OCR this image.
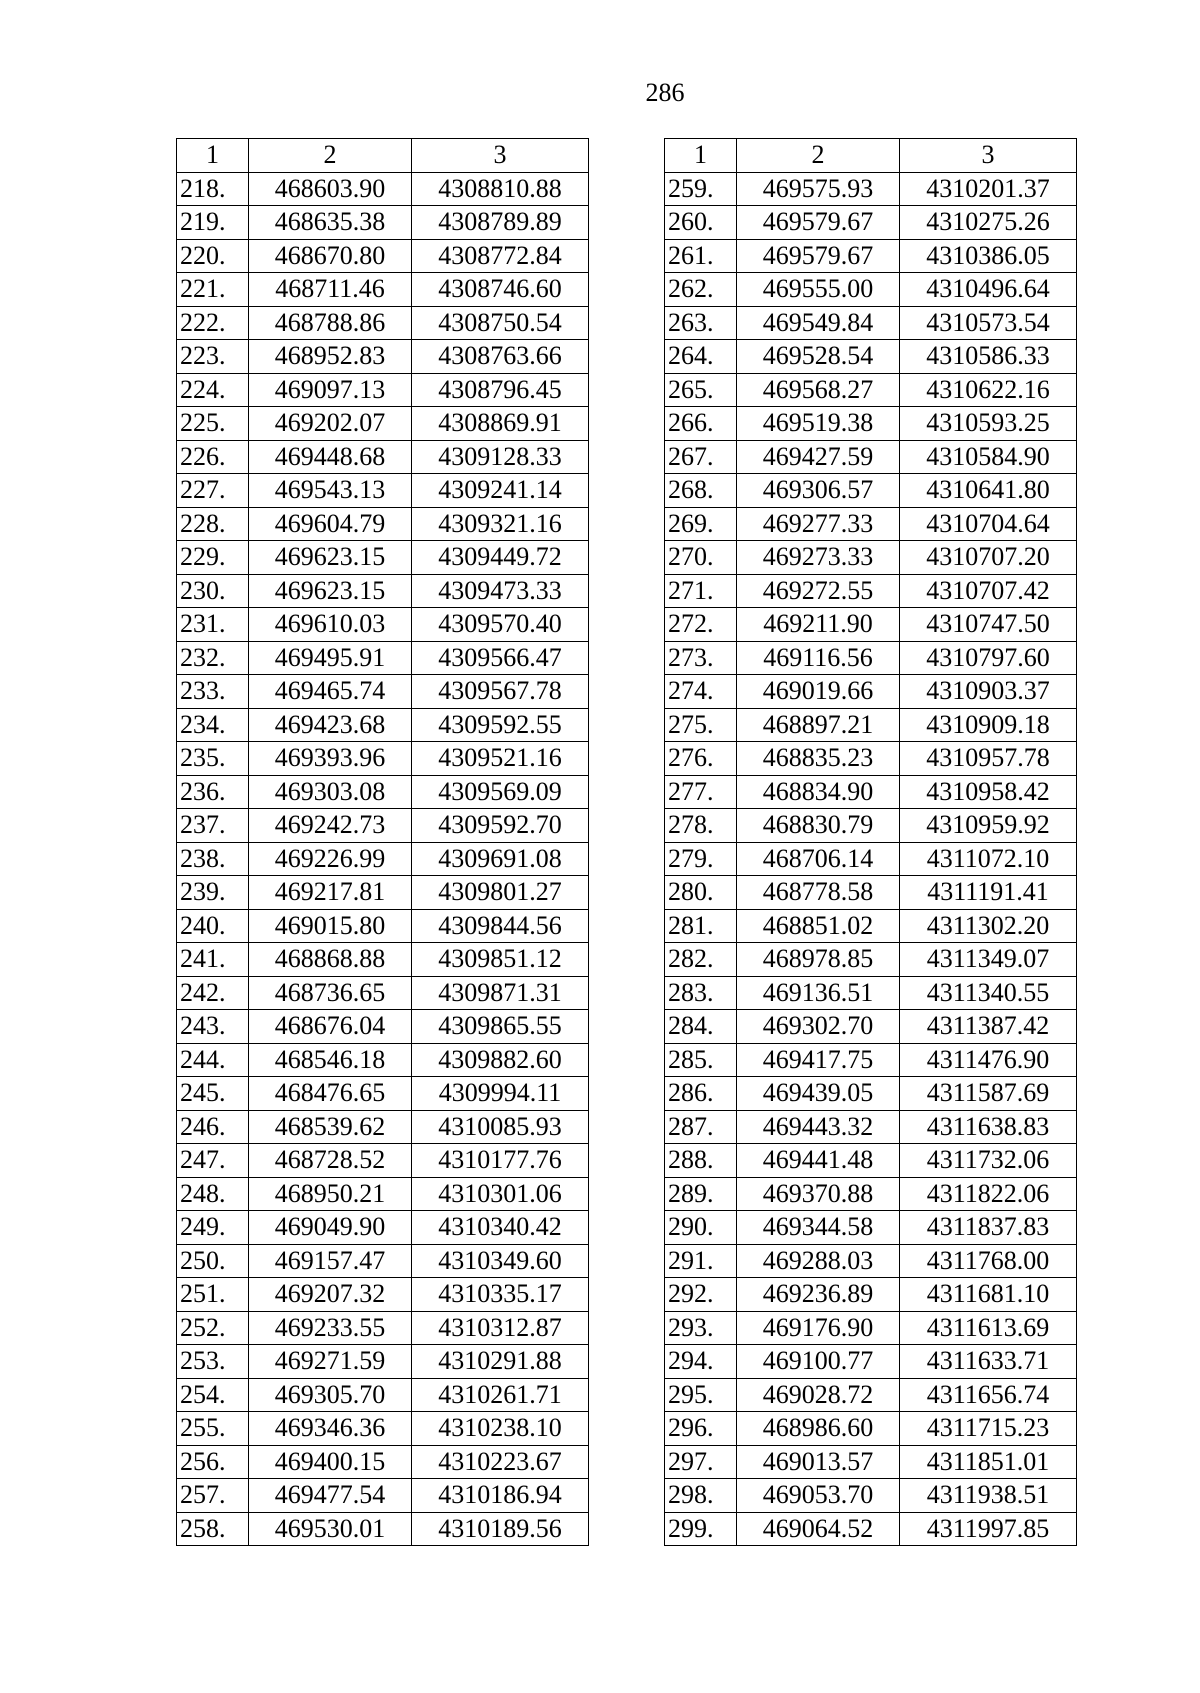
286
1	2	3
218.	468603.90	4308810.88
219.	468635.38	4308789.89
220.	468670.80	4308772.84
221.	468711.46	4308746.60
222.	468788.86	4308750.54
223.	468952.83	4308763.66
224.	469097.13	4308796.45
225.	469202.07	4308869.91
226.	469448.68	4309128.33
227.	469543.13	4309241.14
228.	469604.79	4309321.16
229.	469623.15	4309449.72
230.	469623.15	4309473.33
231.	469610.03	4309570.40
232.	469495.91	4309566.47
233.	469465.74	4309567.78
234.	469423.68	4309592.55
235.	469393.96	4309521.16
236.	469303.08	4309569.09
237.	469242.73	4309592.70
238.	469226.99	4309691.08
239.	469217.81	4309801.27
240.	469015.80	4309844.56
241.	468868.88	4309851.12
242.	468736.65	4309871.31
243.	468676.04	4309865.55
244.	468546.18	4309882.60
245.	468476.65	4309994.11
246.	468539.62	4310085.93
247.	468728.52	4310177.76
248.	468950.21	4310301.06
249.	469049.90	4310340.42
250.	469157.47	4310349.60
251.	469207.32	4310335.17
252.	469233.55	4310312.87
253.	469271.59	4310291.88
254.	469305.70	4310261.71
255.	469346.36	4310238.10
256.	469400.15	4310223.67
257.	469477.54	4310186.94
258.	469530.01	4310189.56
1	2	3
259.	469575.93	4310201.37
260.	469579.67	4310275.26
261.	469579.67	4310386.05
262.	469555.00	4310496.64
263.	469549.84	4310573.54
264.	469528.54	4310586.33
265.	469568.27	4310622.16
266.	469519.38	4310593.25
267.	469427.59	4310584.90
268.	469306.57	4310641.80
269.	469277.33	4310704.64
270.	469273.33	4310707.20
271.	469272.55	4310707.42
272.	469211.90	4310747.50
273.	469116.56	4310797.60
274.	469019.66	4310903.37
275.	468897.21	4310909.18
276.	468835.23	4310957.78
277.	468834.90	4310958.42
278.	468830.79	4310959.92
279.	468706.14	4311072.10
280.	468778.58	4311191.41
281.	468851.02	4311302.20
282.	468978.85	4311349.07
283.	469136.51	4311340.55
284.	469302.70	4311387.42
285.	469417.75	4311476.90
286.	469439.05	4311587.69
287.	469443.32	4311638.83
288.	469441.48	4311732.06
289.	469370.88	4311822.06
290.	469344.58	4311837.83
291.	469288.03	4311768.00
292.	469236.89	4311681.10
293.	469176.90	4311613.69
294.	469100.77	4311633.71
295.	469028.72	4311656.74
296.	468986.60	4311715.23
297.	469013.57	4311851.01
298.	469053.70	4311938.51
299.	469064.52	4311997.85
